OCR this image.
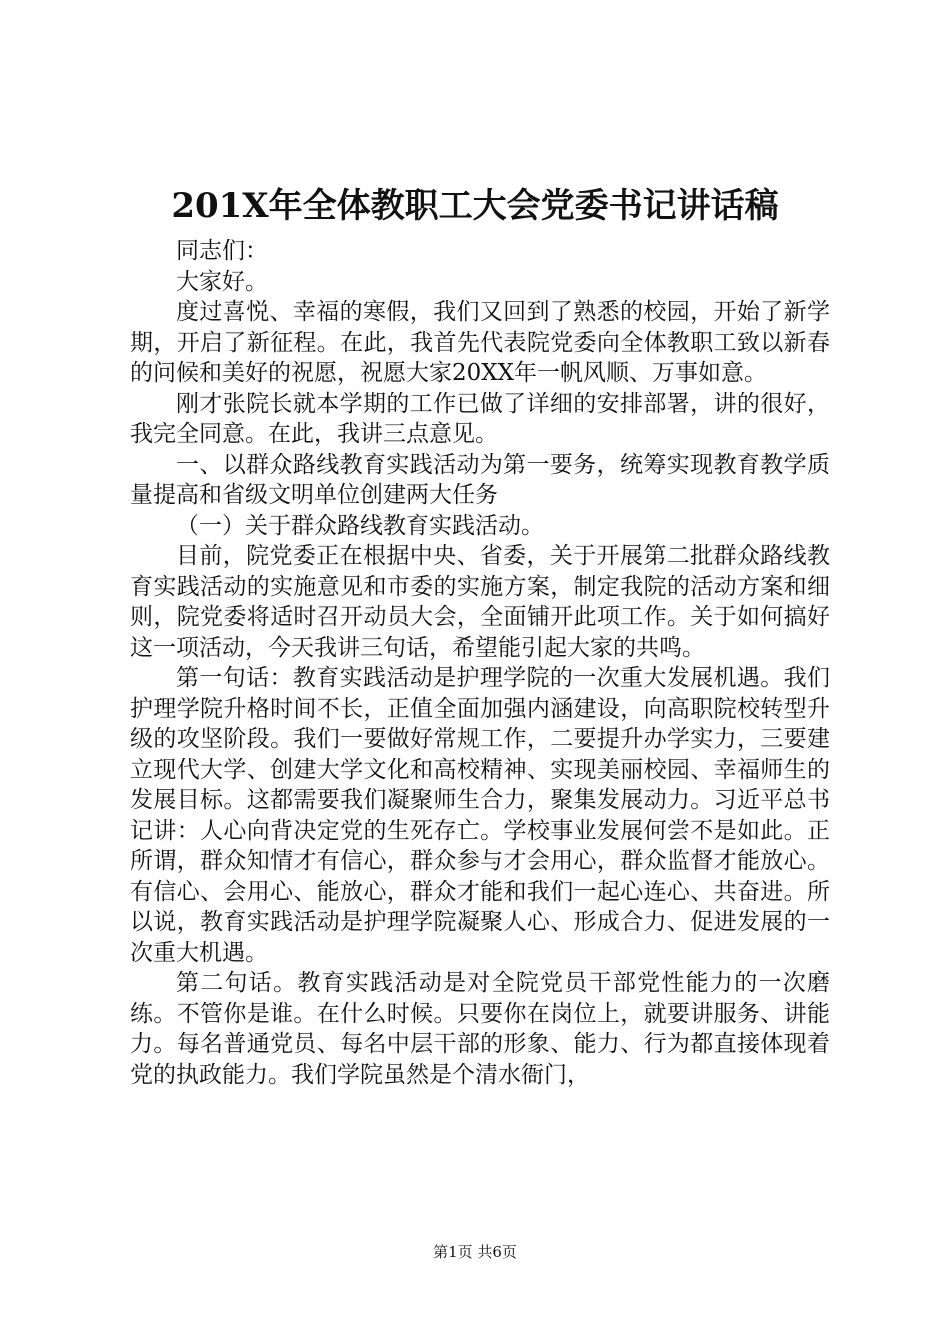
201X年全体教职工大会党委书记讲话稿

同志们：

大家好。

度过喜悦、幸福的寒假，我们又回到了熟悉的校园，开始了新学期，开启了新征程。在此，我首先代表院党委向全体教职工致以新春的问候和美好的祝愿，祝愿大家20XX年一帆风顺、万事如意。

刚才张院长就本学期的工作已做了详细的安排部署，讲的很好，我完全同意。在此，我讲三点意见。

一、以群众路线教育实践活动为第一要务，统筹实现教育教学质量提高和省级文明单位创建两大任务

（一）关于群众路线教育实践活动。

目前，院党委正在根据中央、省委，关于开展第二批群众路线教育实践活动的实施意见和市委的实施方案，制定我院的活动方案和细则，院党委将适时召开动员大会，全面铺开此项工作。关于如何搞好这一项活动，今天我讲三句话，希望能引起大家的共鸣。

第一句话：教育实践活动是护理学院的一次重大发展机遇。我们护理学院升格时间不长，正值全面加强内涵建设，向高职院校转型升级的攻坚阶段。我们一要做好常规工作，二要提升办学实力，三要建立现代大学、创建大学文化和高校精神、实现美丽校园、幸福师生的发展目标。这都需要我们凝聚师生合力，聚集发展动力。习近平总书记讲：人心向背决定党的生死存亡。学校事业发展何尝不是如此。正所谓，群众知情才有信心，群众参与才会用心，群众监督才能放心。有信心、会用心、能放心，群众才能和我们一起心连心、共奋进。所以说，教育实践活动是护理学院凝聚人心、形成合力、促进发展的一次重大机遇。

第二句话。教育实践活动是对全院党员干部党性能力的一次磨练。不管你是谁。在什么时候。只要你在岗位上，就要讲服务、讲能力。每名普通党员、每名中层干部的形象、能力、行为都直接体现着党的执政能力。我们学院虽然是个清水衙门，

第1页 共6页
